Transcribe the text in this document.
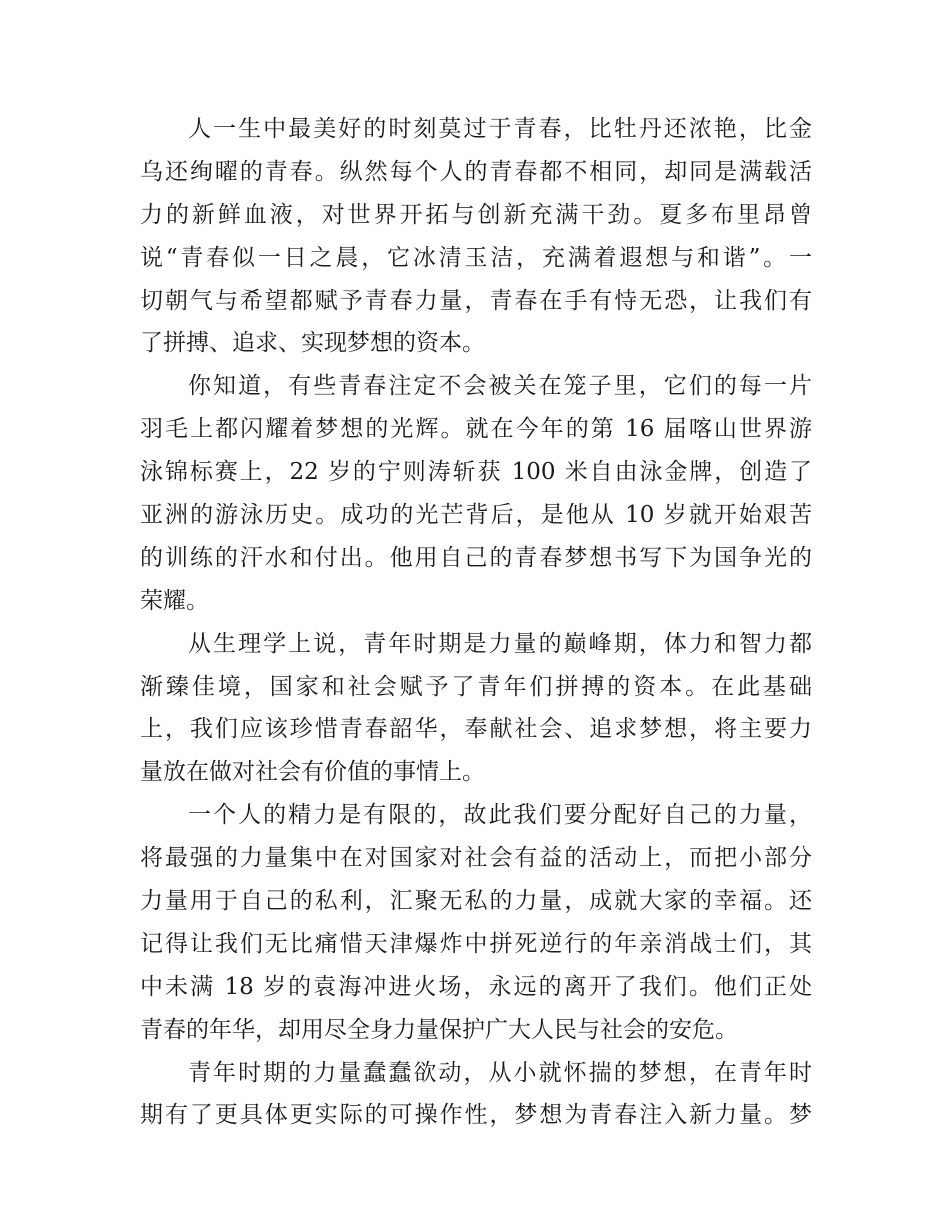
人一生中最美好的时刻莫过于青春，比牡丹还浓艳，比金
乌还绚曜的青春。纵然每个人的青春都不相同，却同是满载活
力的新鲜血液，对世界开拓与创新充满干劲。夏多布里昂曾
说“青春似一日之晨，它冰清玉洁，充满着遐想与和谐”。一
切朝气与希望都赋予青春力量，青春在手有恃无恐，让我们有
了拼搏、追求、实现梦想的资本。
你知道，有些青春注定不会被关在笼子里，它们的每一片
羽毛上都闪耀着梦想的光辉。就在今年的第 16 届喀山世界游
泳锦标赛上，22 岁的宁则涛斩获 100 米自由泳金牌，创造了
亚洲的游泳历史。成功的光芒背后，是他从 10 岁就开始艰苦
的训练的汗水和付出。他用自己的青春梦想书写下为国争光的
荣耀。
从生理学上说，青年时期是力量的巅峰期，体力和智力都
渐臻佳境，国家和社会赋予了青年们拼搏的资本。在此基础
上，我们应该珍惜青春韶华，奉献社会、追求梦想，将主要力
量放在做对社会有价值的事情上。
一个人的精力是有限的，故此我们要分配好自己的力量，
将最强的力量集中在对国家对社会有益的活动上，而把小部分
力量用于自己的私利，汇聚无私的力量，成就大家的幸福。还
记得让我们无比痛惜天津爆炸中拼死逆行的年亲消战士们，其
中未满 18 岁的袁海冲进火场，永远的离开了我们。他们正处
青春的年华，却用尽全身力量保护广大人民与社会的安危。
青年时期的力量蠢蠢欲动，从小就怀揣的梦想，在青年时
期有了更具体更实际的可操作性，梦想为青春注入新力量。梦
